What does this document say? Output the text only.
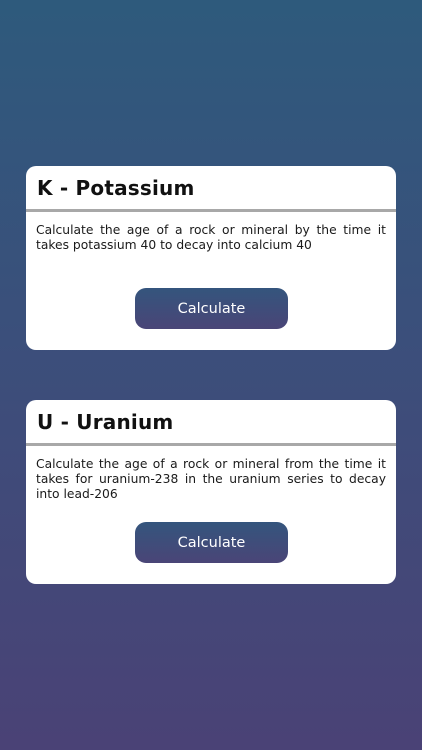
K - Potassium

Calculate the age of a rock or mineral by the time it takes potassium 40 to decay into calcium 40

Calculate
U - Uranium

Calculate the age of a rock or mineral from the time it takes for uranium-238 in the uranium series to decay into lead-206

Calculate
